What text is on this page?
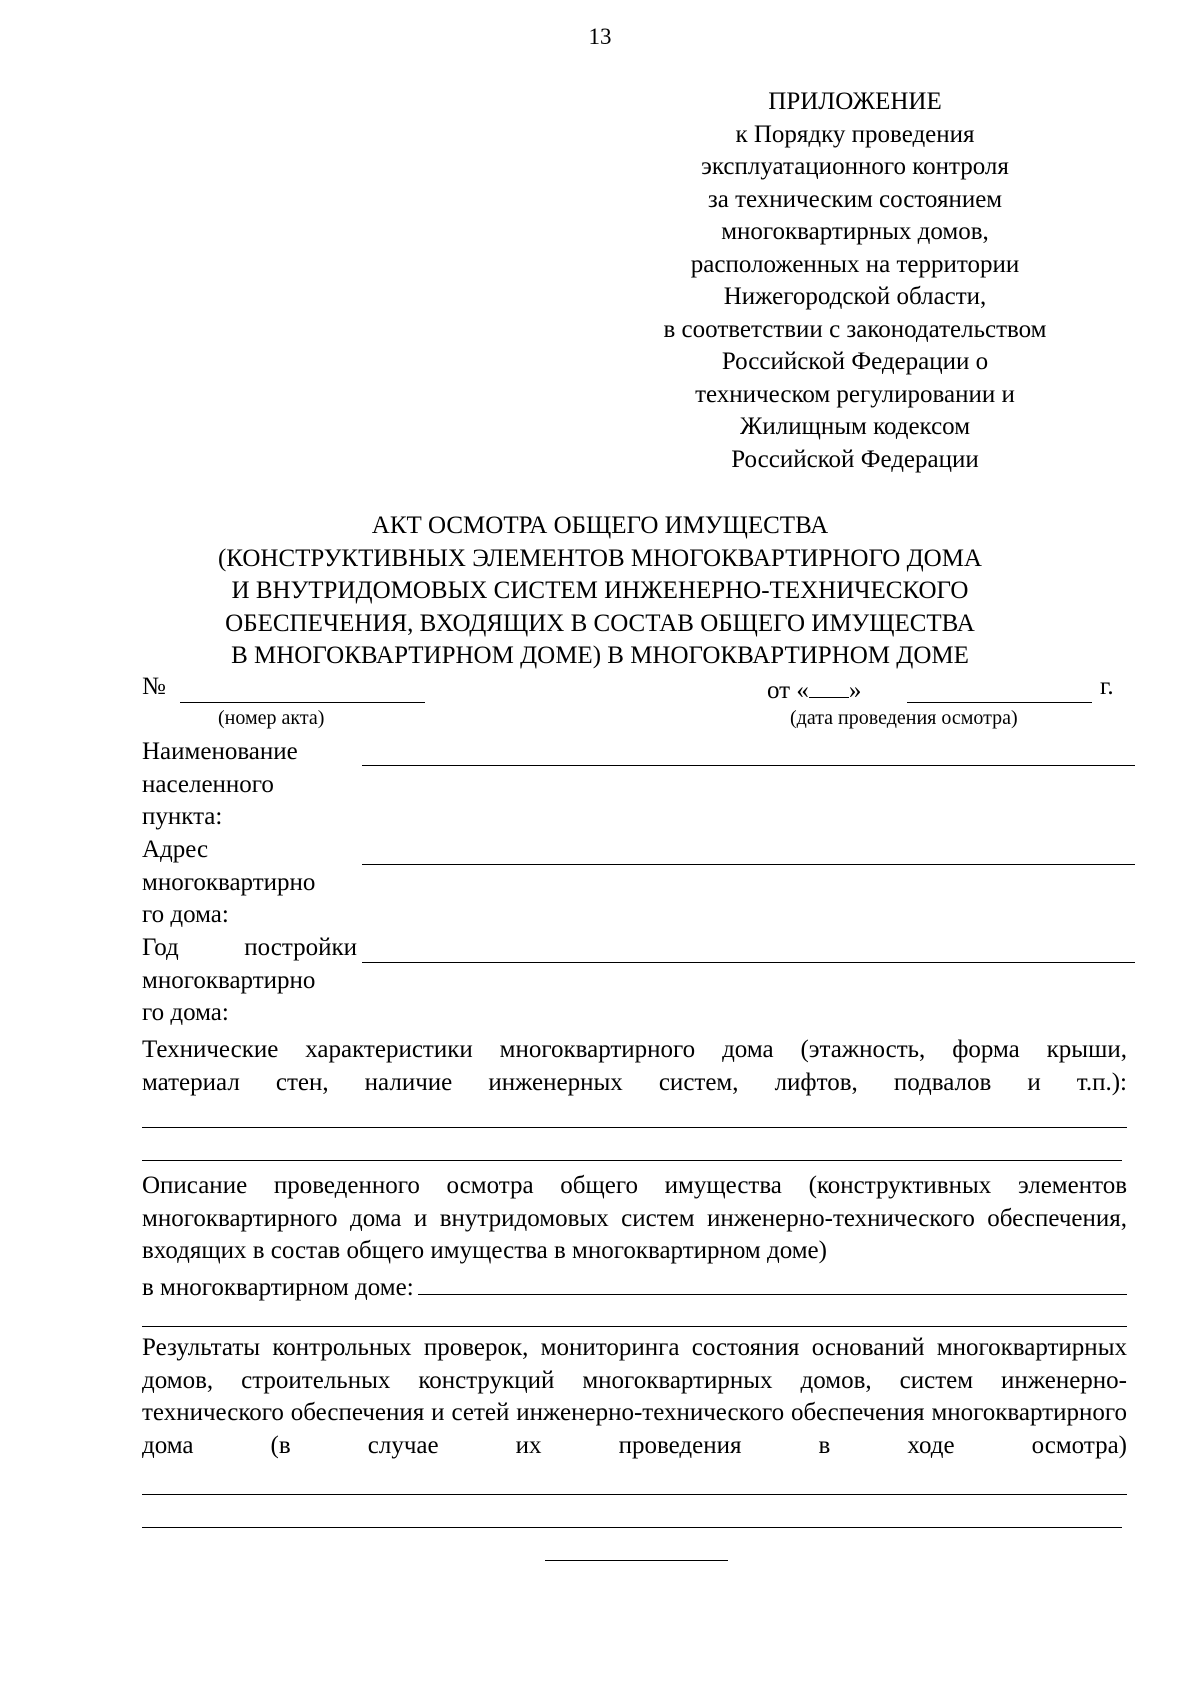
13
ПРИЛОЖЕНИЕ
к Порядку проведения
эксплуатационного контроля
за техническим состоянием
многоквартирных домов,
расположенных на территории
Нижегородской области,
в соответствии с законодательством
Российской Федерации о
техническом регулировании и
Жилищным кодексом
Российской Федерации
АКТ ОСМОТРА ОБЩЕГО ИМУЩЕСТВА
(КОНСТРУКТИВНЫХ ЭЛЕМЕНТОВ МНОГОКВАРТИРНОГО ДОМА
И ВНУТРИДОМОВЫХ СИСТЕМ ИНЖЕНЕРНО-ТЕХНИЧЕСКОГО
ОБЕСПЕЧЕНИЯ, ВХОДЯЩИХ В СОСТАВ ОБЩЕГО ИМУЩЕСТВА
В МНОГОКВАРТИРНОМ ДОМЕ) В МНОГОКВАРТИРНОМ ДОМЕ
№	от « »	г.
(номер акта)	(дата проведения осмотра)
Наименование
населенного
пункта:
Адрес
многоквартирно
го дома:
Год постройки
многоквартирно
го дома:
Технические характеристики многоквартирного дома (этажность, форма крыши,
материал стен, наличие инженерных систем, лифтов, подвалов и т.п.):
Описание проведенного осмотра общего имущества (конструктивных элементов многоквартирного дома и внутридомовых систем инженерно-технического обеспечения, входящих в состав общего имущества в многоквартирном доме)
в многоквартирном доме:
Результаты контрольных проверок, мониторинга состояния оснований многоквартирных домов, строительных конструкций многоквартирных домов, систем инженерно-технического обеспечения и сетей инженерно-технического обеспечения многоквартирного дома (в случае их проведения в ходе осмотра)
